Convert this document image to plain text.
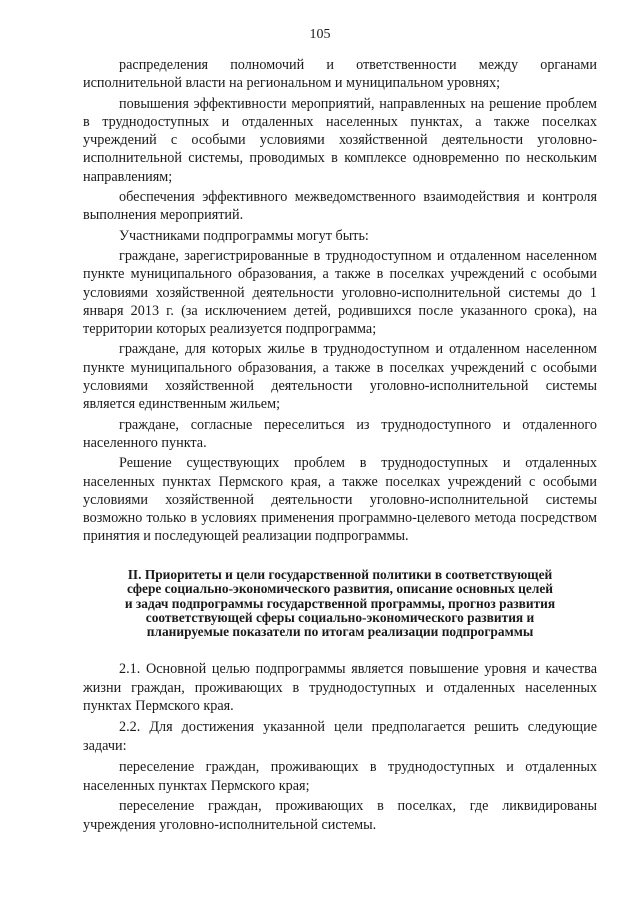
105

распределения полномочий и ответственности между органами исполнительной власти на региональном и муниципальном уровнях;

повышения эффективности мероприятий, направленных на решение проблем в труднодоступных и отдаленных населенных пунктах, а также поселках учреждений с особыми условиями хозяйственной деятельности уголовно-исполнительной системы, проводимых в комплексе одновременно по нескольким направлениям;

обеспечения эффективного межведомственного взаимодействия и контроля выполнения мероприятий.

Участниками подпрограммы могут быть:

граждане, зарегистрированные в труднодоступном и отдаленном населенном пункте муниципального образования, а также в поселках учреждений с особыми условиями хозяйственной деятельности уголовно-исполнительной системы до 1 января 2013 г. (за исключением детей, родившихся после указанного срока), на территории которых реализуется подпрограмма;

граждане, для которых жилье в труднодоступном и отдаленном населенном пункте муниципального образования, а также в поселках учреждений с особыми условиями хозяйственной деятельности уголовно-исполнительной системы является единственным жильем;

граждане, согласные переселиться из труднодоступного и отдаленного населенного пункта.

Решение существующих проблем в труднодоступных и отдаленных населенных пунктах Пермского края, а также поселках учреждений с особыми условиями хозяйственной деятельности уголовно-исполнительной системы возможно только в условиях применения программно-целевого метода посредством принятия и последующей реализации подпрограммы.

II. Приоритеты и цели государственной политики в соответствующей
сфере социально-экономического развития, описание основных целей
и задач подпрограммы государственной программы, прогноз развития
соответствующей сферы социально-экономического развития и
планируемые показатели по итогам реализации подпрограммы

2.1. Основной целью подпрограммы является повышение уровня и качества жизни граждан, проживающих в труднодоступных и отдаленных населенных пунктах Пермского края.

2.2. Для достижения указанной цели предполагается решить следующие задачи:

переселение граждан, проживающих в труднодоступных и отдаленных населенных пунктах Пермского края;

переселение граждан, проживающих в поселках, где ликвидированы учреждения уголовно-исполнительной системы.
